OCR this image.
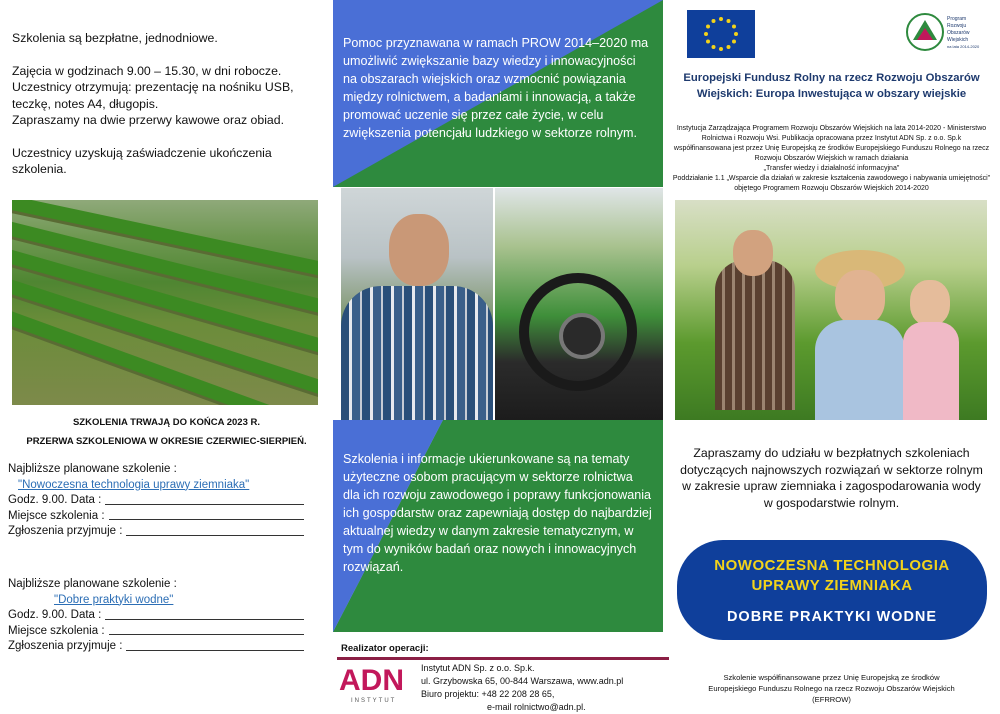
Szkolenia są bezpłatne, jednodniowe.

Zajęcia w godzinach 9.00 – 15.30, w dni robocze.
Uczestnicy otrzymują: prezentację na nośniku USB, teczkę, notes A4, długopis.
Zapraszamy na dwie przerwy kawowe oraz obiad.

Uczestnicy uzyskują zaświadczenie ukończenia szkolenia.

SZKOLENIA TRWAJĄ DO KOŃCA 2023 R.
PRZERWA SZKOLENIOWA W OKRESIE CZERWIEC-SIERPIEŃ.
Najbliższe planowane szkolenie :
"Nowoczesna technologia uprawy ziemniaka"
Godz. 9.00. Data :
Miejsce szkolenia :
Zgłoszenia przyjmuje :
Najbliższe planowane szkolenie :
"Dobre praktyki wodne"
Godz. 9.00. Data :
Miejsce szkolenia :
Zgłoszenia przyjmuje :
Pomoc przyznawana w ramach PROW 2014–2020 ma umożliwić zwiększanie bazy wiedzy i innowacyjności na obszarach wiejskich oraz wzmocnić powiązania między rolnictwem, a badaniami i innowacją, a także promować uczenie się przez całe życie, w celu zwiększenia potencjału ludzkiego w sektorze rolnym.
Szkolenia i informacje ukierunkowane są na tematy użyteczne osobom pracującym w sektorze rolnictwa dla ich rozwoju zawodowego i poprawy funkcjonowania ich gospodarstw oraz zapewniają dostęp do najbardziej aktualnej wiedzy w danym zakresie tematycznym, w tym do wyników badań oraz nowych i innowacyjnych rozwiązań.
Realizator operacji:
ADN
INSTYTUT
Instytut ADN Sp. z o.o. Sp.k.
ul. Grzybowska 65, 00-844 Warszawa, www.adn.pl
Biuro projektu: +48 22 208 28 65,
e-mail rolnictwo@adn.pl.
Program
Rozwoju
Obszarów
Wiejskich
na lata 2014-2020
Europejski Fundusz Rolny na rzecz Rozwoju Obszarów Wiejskich: Europa Inwestująca w obszary wiejskie
Instytucja Zarządzająca Programem Rozwoju Obszarów Wiejskich na lata 2014-2020 - Ministerstwo
Rolnictwa i Rozwoju Wsi. Publikacja opracowana przez Instytut ADN Sp. z o.o. Sp.k
współfinansowana jest przez Unię Europejską ze środków Europejskiego Funduszu Rolnego na rzecz
Rozwoju Obszarów Wiejskich w ramach działania
„Transfer wiedzy i działalność informacyjna"
Poddziałanie 1.1 „Wsparcie dla działań w zakresie kształcenia zawodowego i nabywania umiejętności"
objętego Programem Rozwoju Obszarów Wiejskich 2014-2020
Zapraszamy do udziału w bezpłatnych szkoleniach dotyczących najnowszych rozwiązań w sektorze rolnym w zakresie upraw ziemniaka i zagospodarowania wody w gospodarstwie rolnym.
NOWOCZESNA TECHNOLOGIA
UPRAWY ZIEMNIAKA
DOBRE PRAKTYKI WODNE
Szkolenie współfinansowane przez Unię Europejską ze środków
Europejskiego Funduszu Rolnego na rzecz Rozwoju Obszarów Wiejskich
(EFRROW)
